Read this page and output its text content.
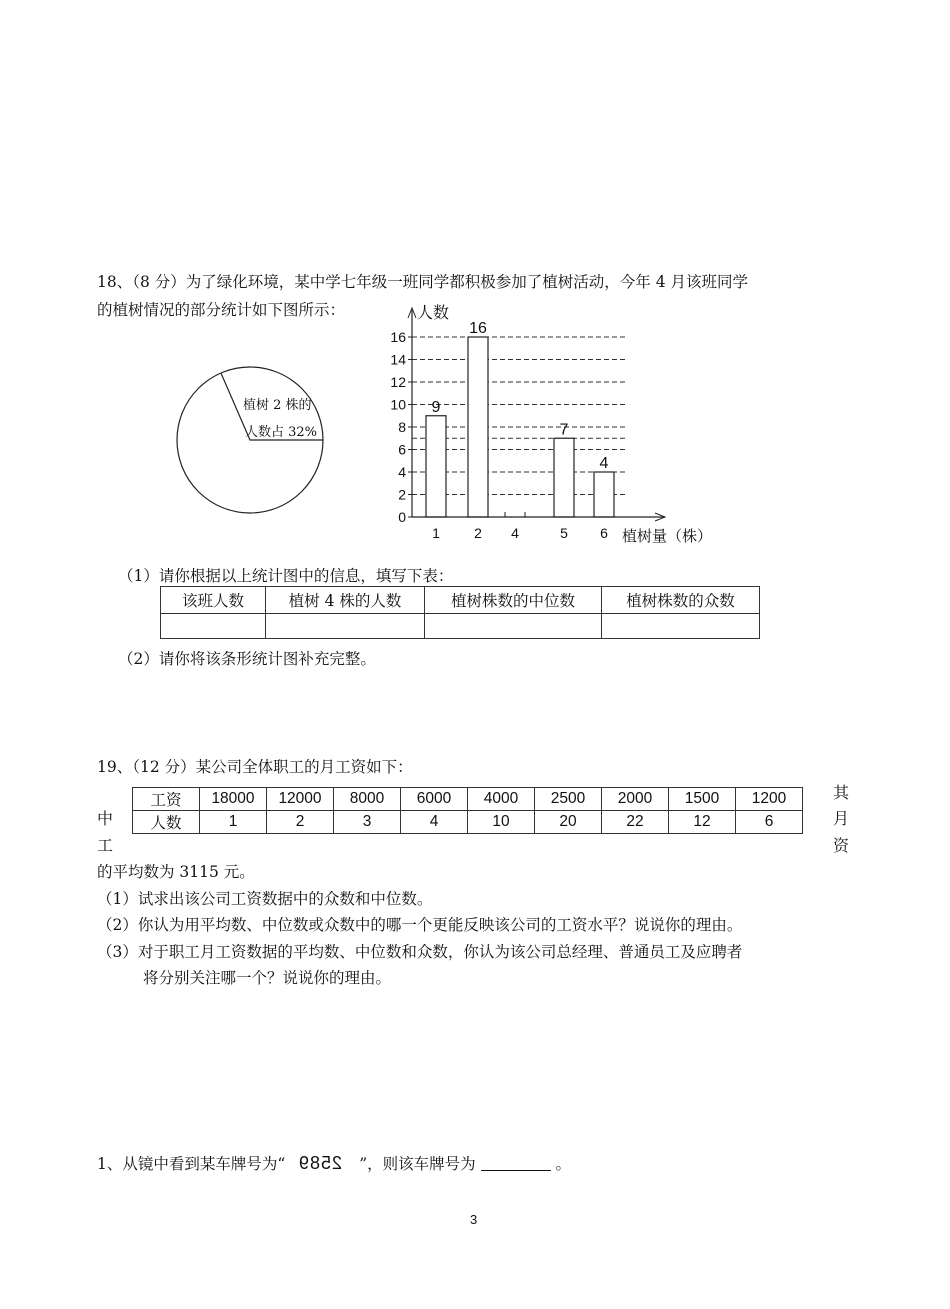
18、（8 分）为了绿化环境，某中学七年级一班同学都积极参加了植树活动，今年 4 月该班同学
的植树情况的部分统计如下图所示：
植树 2 株的
人数占 32%
9
16
7
4
0
2
4
6
8
10
12
14
16
1 2 4	5 6
人数
植树量（株）
（1）请你根据以上统计图中的信息，填写下表：
该班人数	植树 4 株的人数	植树株数的中位数	植树株数的众数

（2）请你将该条形统计图补充完整。
19、（12 分）某公司全体职工的月工资如下：
中
工
其
月
资
工资	18000	12000	8000	6000	4000	2500	2000	1500	1200
人数	1	2	3	4	10	20	22	12	6
的平均数为 3115 元。
（1）试求出该公司工资数据中的众数和中位数。
（2）你认为用平均数、中位数或众数中的哪一个更能反映该公司的工资水平？说说你的理由。
（3）对于职工月工资数据的平均数、中位数和众数，你认为该公司总经理、普通员工及应聘者
将分别关注哪一个？说说你的理由。
1、从镜中看到某车牌号为“ 2589 ”，则该车牌号为	。
3
